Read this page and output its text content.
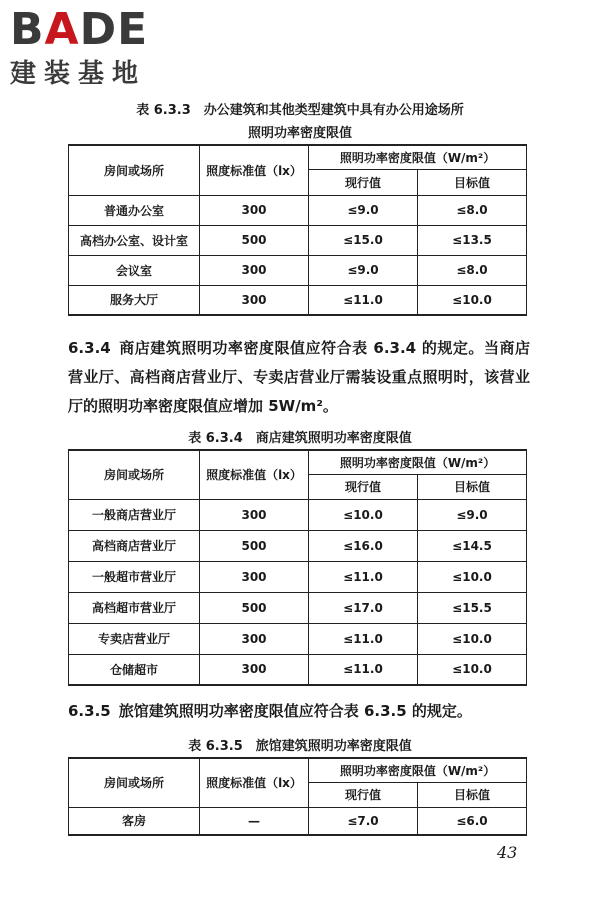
BADE
建装基地
表 6.3.3　办公建筑和其他类型建筑中具有办公用途场所
照明功率密度限值
房间或场所	照度标准值（lx）	照明功率密度限值（W/m²）	
		现行值	目标值
普通办公室	300	≤9.0	≤8.0
高档办公室、设计室	500	≤15.0	≤13.5
会议室	300	≤9.0	≤8.0
服务大厅	300	≤11.0	≤10.0
6.3.4 商店建筑照明功率密度限值应符合表 6.3.4 的规定。当商店营业厅、高档商店营业厅、专卖店营业厅需装设重点照明时，该营业厅的照明功率密度限值应增加 5W/m²。
表 6.3.4　商店建筑照明功率密度限值
房间或场所	照度标准值（lx）	照明功率密度限值（W/m²）	
		现行值	目标值
一般商店营业厅	300	≤10.0	≤9.0
高档商店营业厅	500	≤16.0	≤14.5
一般超市营业厅	300	≤11.0	≤10.0
高档超市营业厅	500	≤17.0	≤15.5
专卖店营业厅	300	≤11.0	≤10.0
仓储超市	300	≤11.0	≤10.0
6.3.5 旅馆建筑照明功率密度限值应符合表 6.3.5 的规定。
表 6.3.5　旅馆建筑照明功率密度限值
房间或场所	照度标准值（lx）	照明功率密度限值（W/m²）	
		现行值	目标值
客房	—	≤7.0	≤6.0
43
